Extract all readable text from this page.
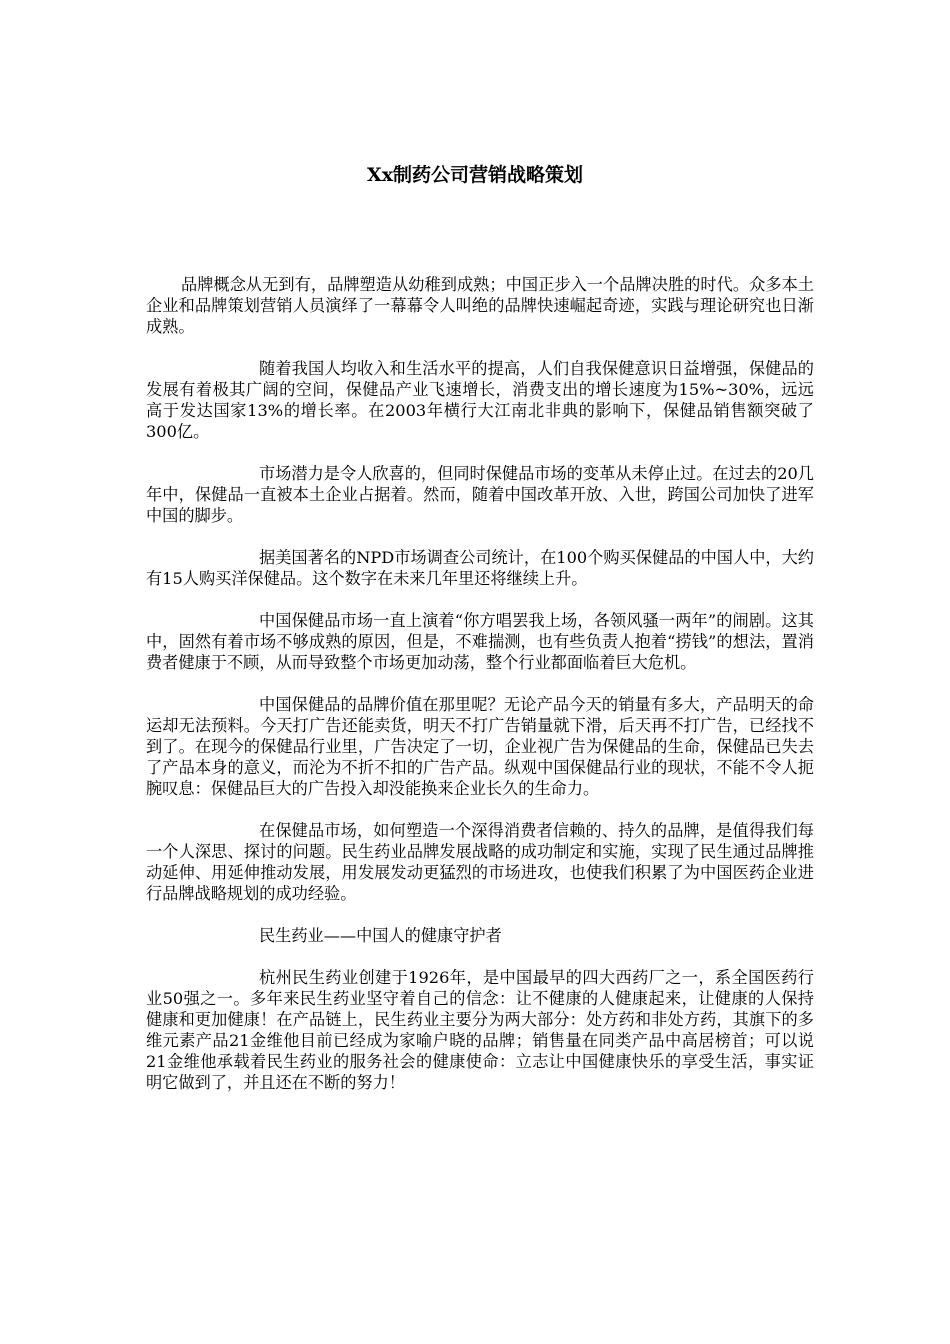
Xx制药公司营销战略策划

品牌概念从无到有，品牌塑造从幼稚到成熟；中国正步入一个品牌决胜的时代。众多本土企业和品牌策划营销人员演绎了一幕幕令人叫绝的品牌快速崛起奇迹，实践与理论研究也日渐成熟。

随着我国人均收入和生活水平的提高，人们自我保健意识日益增强，保健品的发展有着极其广阔的空间，保健品产业飞速增长，消费支出的增长速度为15%~30%，远远高于发达国家13%的增长率。在2003年横行大江南北非典的影响下，保健品销售额突破了300亿。

市场潜力是令人欣喜的，但同时保健品市场的变革从未停止过。在过去的20几年中，保健品一直被本土企业占据着。然而，随着中国改革开放、入世，跨国公司加快了进军中国的脚步。

据美国著名的NPD市场调查公司统计，在100个购买保健品的中国人中，大约有15人购买洋保健品。这个数字在未来几年里还将继续上升。

中国保健品市场一直上演着“你方唱罢我上场，各领风骚一两年”的闹剧。这其中，固然有着市场不够成熟的原因，但是，不难揣测，也有些负责人抱着“捞钱”的想法，置消费者健康于不顾，从而导致整个市场更加动荡，整个行业都面临着巨大危机。

中国保健品的品牌价值在那里呢？无论产品今天的销量有多大，产品明天的命运却无法预料。今天打广告还能卖货，明天不打广告销量就下滑，后天再不打广告，已经找不到了。在现今的保健品行业里，广告决定了一切，企业视广告为保健品的生命，保健品已失去了产品本身的意义，而沦为不折不扣的广告产品。纵观中国保健品行业的现状，不能不令人扼腕叹息：保健品巨大的广告投入却没能换来企业长久的生命力。

在保健品市场，如何塑造一个深得消费者信赖的、持久的品牌，是值得我们每一个人深思、探讨的问题。民生药业品牌发展战略的成功制定和实施，实现了民生通过品牌推动延伸、用延伸推动发展，用发展发动更猛烈的市场进攻，也使我们积累了为中国医药企业进行品牌战略规划的成功经验。

民生药业——中国人的健康守护者

杭州民生药业创建于1926年，是中国最早的四大西药厂之一，系全国医药行业50强之一。多年来民生药业坚守着自己的信念：让不健康的人健康起来，让健康的人保持健康和更加健康！在产品链上，民生药业主要分为两大部分：处方药和非处方药，其旗下的多维元素产品21金维他目前已经成为家喻户晓的品牌；销售量在同类产品中高居榜首；可以说21金维他承载着民生药业的服务社会的健康使命：立志让中国健康快乐的享受生活，事实证明它做到了，并且还在不断的努力！
